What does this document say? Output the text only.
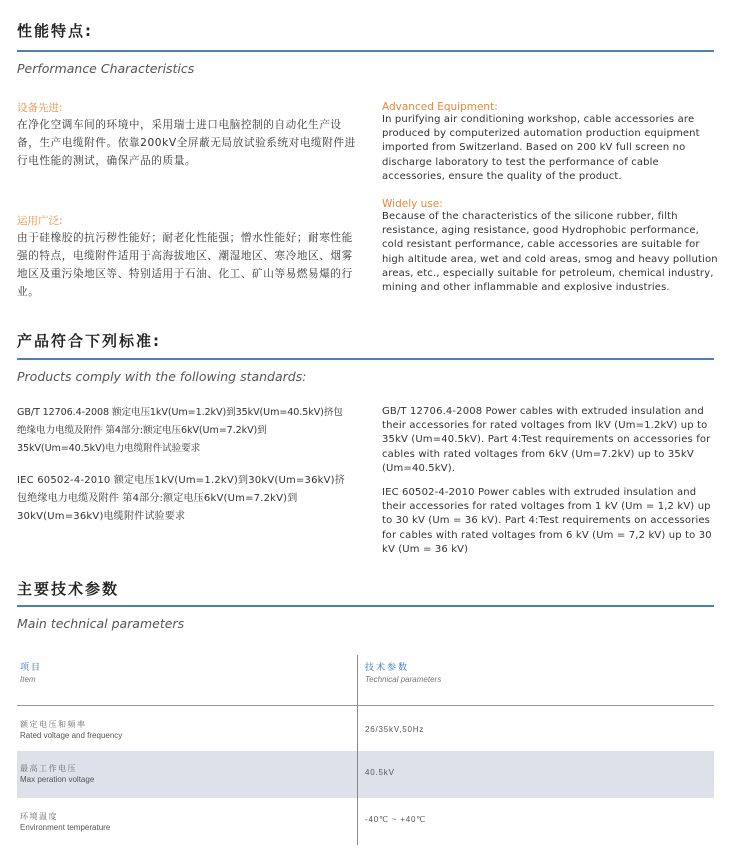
性能特点:
Performance Characteristics
设备先进:
在净化空调车间的环境中，采用瑞士进口电脑控制的自动化生产设备，生产电缆附件。依靠200kV全屏蔽无局放试验系统对电缆附件进行电性能的测试，确保产品的质量。
Advanced Equipment:
In purifying air conditioning workshop, cable accessories are produced by computerized automation production equipment imported from Switzerland. Based on 200 kV full screen no discharge laboratory to test the performance of cable accessories, ensure the quality of the product.
运用广泛:
由于硅橡胶的抗污秽性能好；耐老化性能强；憎水性能好；耐寒性能强的特点，电缆附件适用于高海拔地区、潮湿地区、寒冷地区、烟雾地区及重污染地区等、特别适用于石油、化工、矿山等易燃易爆的行业。
Widely use:
Because of the characteristics of the silicone rubber, filth resistance, aging resistance, good Hydrophobic performance, cold resistant performance, cable accessories are suitable for high altitude area, wet and cold areas, smog and heavy pollution areas, etc., especially suitable for petroleum, chemical industry, mining and other inflammable and explosive industries.
产品符合下列标准:
Products comply with the following standards:
GB/T 12706.4-2008 额定电压1kV(Um=1.2kV)到35kV(Um=40.5kV)挤包绝缘电力电缆及附件 第4部分:额定电压6kV(Um=7.2kV)到35kV(Um=40.5kV)电力电缆附件试验要求
GB/T 12706.4-2008 Power cables with extruded insulation and their accessories for rated voltages from lkV (Um=1.2kV) up to 35kV (Um=40.5kV). Part 4:Test requirements on accessories for cables with rated voltages from 6kV (Um=7.2kV) up to 35kV (Um=40.5kV).
IEC 60502-4-2010 额定电压1kV(Um=1.2kV)到30kV(Um=36kV)挤包绝缘电力电缆及附件 第4部分:额定电压6kV(Um=7.2kV)到30kV(Um=36kV)电缆附件试验要求
IEC 60502-4-2010 Power cables with extruded insulation and their accessories for rated voltages from 1 kV (Um = 1,2 kV) up to 30 kV (Um = 36 kV). Part 4:Test requirements on accessories for cables with rated voltages from 6 kV (Um = 7,2 kV) up to 30 kV (Um = 36 kV)
主要技术参数
Main technical parameters
项目
Item
技术参数
Technical parameters
额定电压和频率
Rated voltage and frequency
26/35kV,50Hz
最高工作电压
Max peration voltage
40.5kV
环境温度
Environment temperature
-40℃ ~ +40℃
